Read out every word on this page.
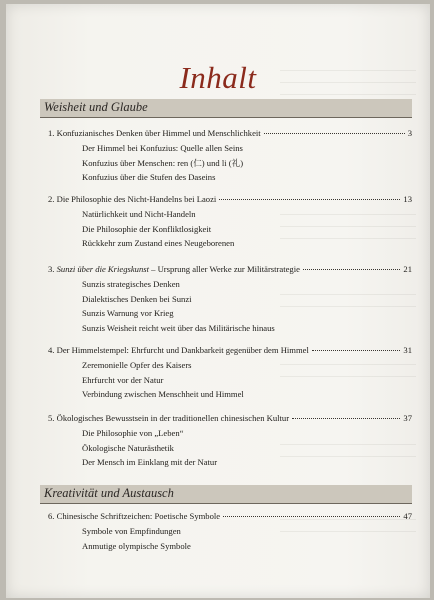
Inhalt
Weisheit und Glaube
1. Konfuzianisches Denken über Himmel und Menschlichkeit	3
Der Himmel bei Konfuzius: Quelle allen Seins
Konfuzius über Menschen: ren (仁) und li (礼)
Konfuzius über die Stufen des Daseins
2. Die Philosophie des Nicht-Handelns bei Laozi	13
Natürlichkeit und Nicht-Handeln
Die Philosophie der Konfliktlosigkeit
Rückkehr zum Zustand eines Neugeborenen
3. Sunzi über die Kriegskunst – Ursprung aller Werke zur Militärstrategie	21
Sunzis strategisches Denken
Dialektisches Denken bei Sunzi
Sunzis Warnung vor Krieg
Sunzis Weisheit reicht weit über das Militärische hinaus
4. Der Himmelstempel: Ehrfurcht und Dankbarkeit gegenüber dem Himmel	31
Zeremonielle Opfer des Kaisers
Ehrfurcht vor der Natur
Verbindung zwischen Menschheit und Himmel
5. Ökologisches Bewusstsein in der traditionellen chinesischen Kultur	37
Die Philosophie von „Leben“
Ökologische Naturästhetik
Der Mensch im Einklang mit der Natur
Kreativität und Austausch
6. Chinesische Schriftzeichen: Poetische Symbole	47
Symbole von Empfindungen
Anmutige olympische Symbole
